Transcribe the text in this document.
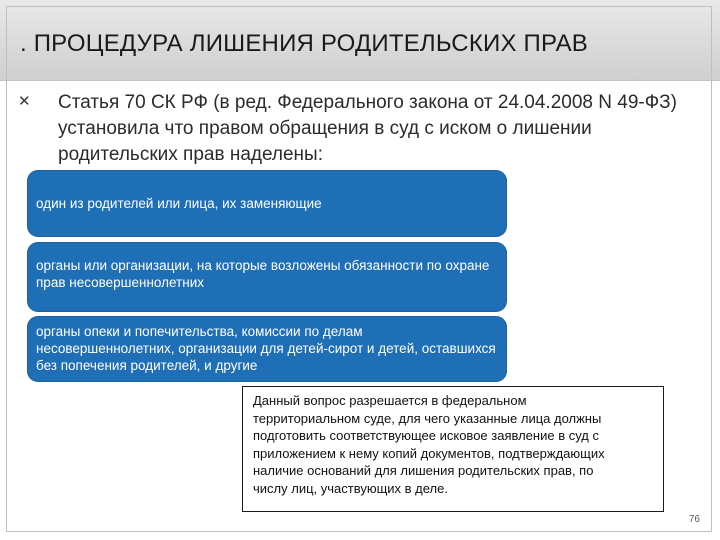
. ПРОЦЕДУРА ЛИШЕНИЯ РОДИТЕЛЬСКИХ ПРАВ
✕ Статья 70 СК РФ (в ред. Федерального закона от 24.04.2008 N 49-ФЗ) установила что правом обращения в суд с иском о лишении родительских прав наделены:
один из родителей или лица, их заменяющие
органы или организации, на которые возложены обязанности по охране прав несовершеннолетних
органы опеки и попечительства, комиссии по делам несовершеннолетних, организации для детей-сирот и детей, оставшихся без попечения родителей, и другие
Данный вопрос разрешается в федеральном
территориальном суде, для чего указанные лица должны
подготовить соответствующее исковое заявление в суд с
приложением к нему копий документов, подтверждающих
наличие оснований для лишения родительских прав, по
числу лиц, участвующих в деле.
76
